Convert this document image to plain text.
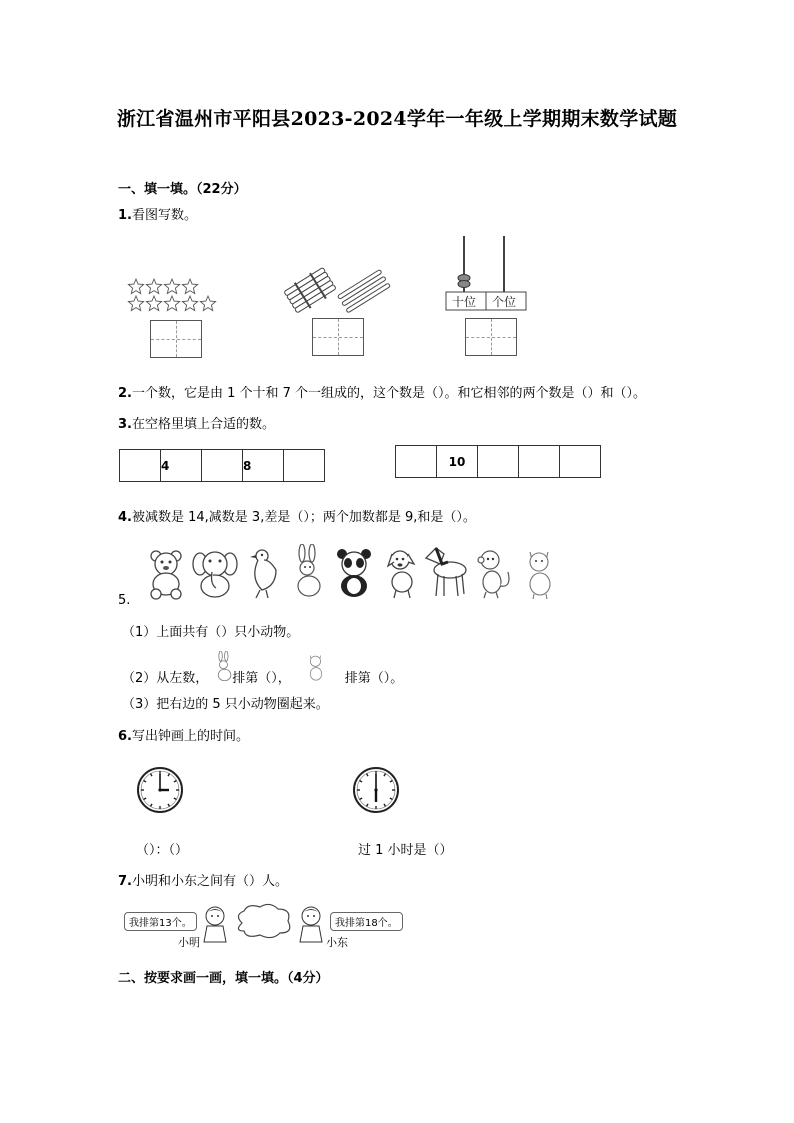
浙江省温州市平阳县2023-2024学年一年级上学期期末数学试题
一、填一填。（22分）
1.看图写数。
十位 个位
2.一个数，它是由 1 个十和 7 个一组成的，这个数是（）。和它相邻的两个数是（）和（）。
3.在空格里填上合适的数。
4	8	10
4.被减数是 14,减数是 3,差是（）；两个加数都是 9,和是（）。
5.
（1）上面共有（）只小动物。
（2）从左数， 排第（），	排第（）。
（3）把右边的 5 只小动物圈起来。
6.写出钟画上的时间。
（）：（）	过 1 小时是（）
7.小明和小东之间有（）人。
我排第13个。
小明
我排第18个。
小东
二、按要求画一画，填一填。（4分）
